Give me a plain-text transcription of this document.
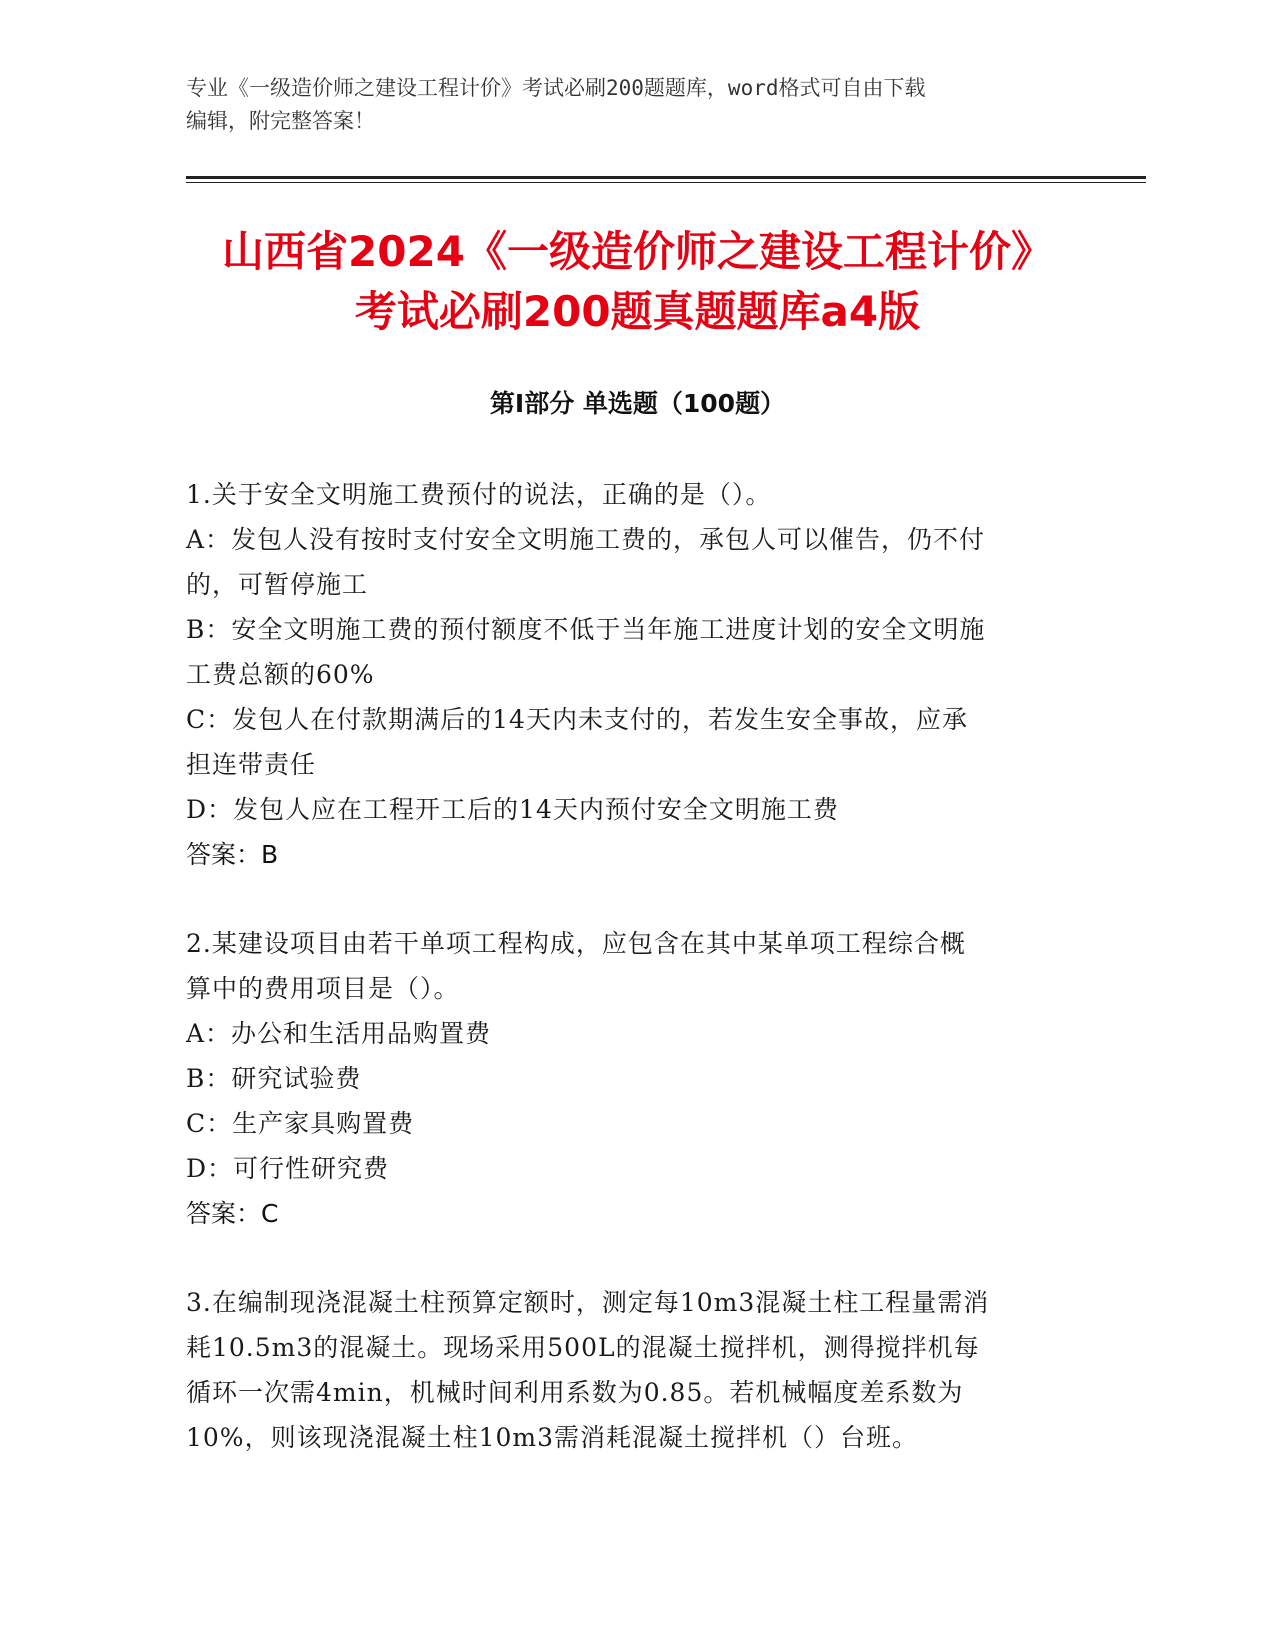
专业《一级造价师之建设工程计价》考试必刷200题题库，word格式可自由下载
编辑，附完整答案！
山西省2024《一级造价师之建设工程计价》
考试必刷200题真题题库a4版
第Ⅰ部分 单选题（100题）
1.关于安全文明施工费预付的说法，正确的是（）。
A：发包人没有按时支付安全文明施工费的，承包人可以催告，仍不付
的，可暂停施工
B：安全文明施工费的预付额度不低于当年施工进度计划的安全文明施
工费总额的60%
C：发包人在付款期满后的14天内未支付的，若发生安全事故，应承
担连带责任
D：发包人应在工程开工后的14天内预付安全文明施工费
答案：B
2.某建设项目由若干单项工程构成，应包含在其中某单项工程综合概
算中的费用项目是（）。
A：办公和生活用品购置费
B：研究试验费
C：生产家具购置费
D：可行性研究费
答案：C
3.在编制现浇混凝土柱预算定额时，测定每10m3混凝土柱工程量需消
耗10.5m3的混凝土。现场采用500L的混凝土搅拌机，测得搅拌机每
循环一次需4min，机械时间利用系数为0.85。若机械幅度差系数为
10%，则该现浇混凝土柱10m3需消耗混凝土搅拌机（）台班。
